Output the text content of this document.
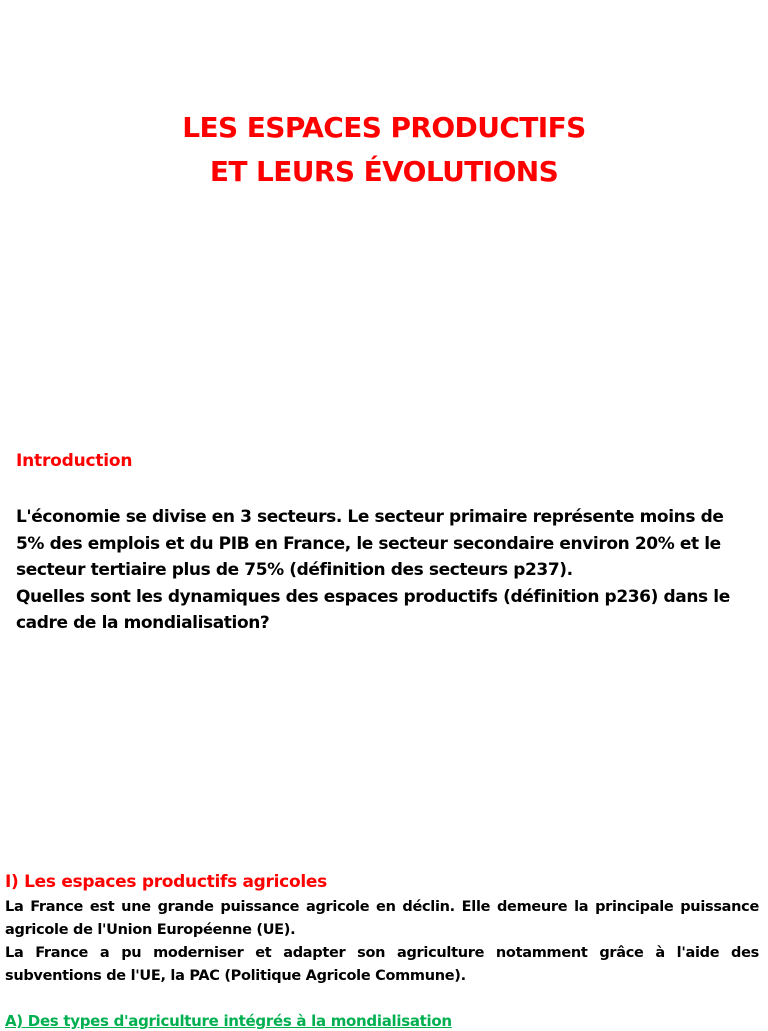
LES ESPACES PRODUCTIFS
ET LEURS ÉVOLUTIONS
Introduction

L'économie se divise en 3 secteurs. Le secteur primaire représente moins de 5% des emplois et du PIB en France, le secteur secondaire environ 20% et le secteur tertiaire plus de 75% (définition des secteurs p237).

Quelles sont les dynamiques des espaces productifs (définition p236) dans le cadre de la mondialisation?

I) Les espaces productifs agricoles

La France est une grande puissance agricole en déclin. Elle demeure la principale puissance agricole de l'Union Européenne (UE).

La France a pu moderniser et adapter son agriculture notamment grâce à l'aide des subventions de l'UE, la PAC (Politique Agricole Commune).

A) Des types d'agriculture intégrés à la mondialisation
